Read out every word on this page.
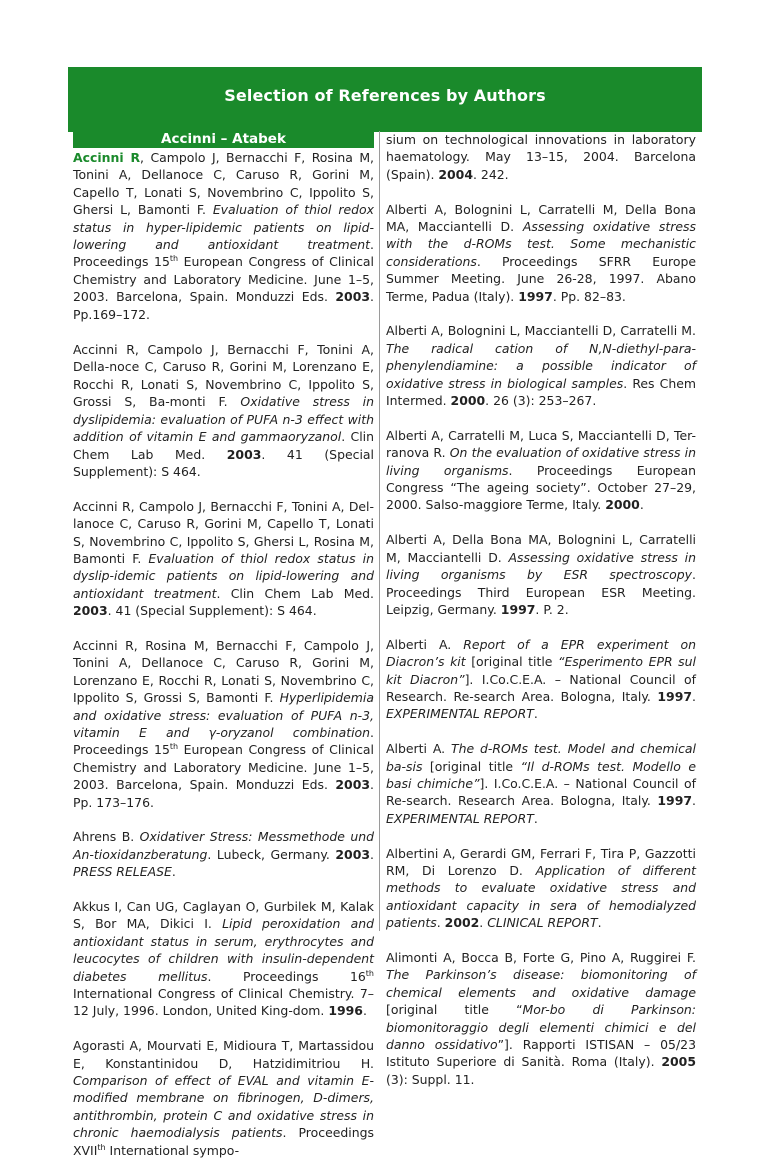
Selection of References by Authors
Accinni – Atabek
Accinni R, Campolo J, Bernacchi F, Rosina M, Tonini A, Dellanoce C, Caruso R, Gorini M, Capello T, Lonati S, Novembrino C, Ippolito S, Ghersi L, Bamonti F. Evaluation of thiol redox status in hyper-lipidemic patients on lipid-lowering and antioxidant treatment. Proceedings 15th European Congress of Clinical Chemistry and Laboratory Medicine. June 1–5, 2003. Barcelona, Spain. Monduzzi Eds. 2003. Pp.169–172.
Accinni R, Campolo J, Bernacchi F, Tonini A, Della-noce C, Caruso R, Gorini M, Lorenzano E, Rocchi R, Lonati S, Novembrino C, Ippolito S, Grossi S, Ba-monti F. Oxidative stress in dyslipidemia: evaluation of PUFA n-3 effect with addition of vitamin E and gammaoryzanol. Clin Chem Lab Med. 2003. 41 (Special Supplement): S 464.
Accinni R, Campolo J, Bernacchi F, Tonini A, Del-lanoce C, Caruso R, Gorini M, Capello T, Lonati S, Novembrino C, Ippolito S, Ghersi L, Rosina M, Bamonti F. Evaluation of thiol redox status in dyslip-idemic patients on lipid-lowering and antioxidant treatment. Clin Chem Lab Med. 2003. 41 (Special Supplement): S 464.
Accinni R, Rosina M, Bernacchi F, Campolo J, Tonini A, Dellanoce C, Caruso R, Gorini M, Lorenzano E, Rocchi R, Lonati S, Novembrino C, Ippolito S, Grossi S, Bamonti F. Hyperlipidemia and oxidative stress: evaluation of PUFA n-3, vitamin E and γ-oryzanol combination. Proceedings 15th European Congress of Clinical Chemistry and Laboratory Medicine. June 1–5, 2003. Barcelona, Spain. Monduzzi Eds. 2003. Pp. 173–176.
Ahrens B. Oxidativer Stress: Messmethode und An-tioxidanzberatung. Lubeck, Germany. 2003. PRESS RELEASE.
Akkus I, Can UG, Caglayan O, Gurbilek M, Kalak S, Bor MA, Dikici I. Lipid peroxidation and antioxidant status in serum, erythrocytes and leucocytes of children with insulin-dependent diabetes mellitus. Proceedings 16th International Congress of Clinical Chemistry. 7–12 July, 1996. London, United King-dom. 1996.
Agorasti A, Mourvati E, Midioura T, Martassidou E, Konstantinidou D, Hatzidimitriou H. Comparison of effect of EVAL and vitamin E-modified membrane on fibrinogen, D-dimers, antithrombin, protein C and oxidative stress in chronic haemodialysis patients. Proceedings XVIIth International sympo-
sium on technological innovations in laboratory haematology. May 13–15, 2004. Barcelona (Spain). 2004. 242.
Alberti A, Bolognini L, Carratelli M, Della Bona MA, Macciantelli D. Assessing oxidative stress with the d-ROMs test. Some mechanistic considerations. Proceedings SFRR Europe Summer Meeting. June 26-28, 1997. Abano Terme, Padua (Italy). 1997. Pp. 82–83.
Alberti A, Bolognini L, Macciantelli D, Carratelli M. The radical cation of N,N-diethyl-para-phenylendiamine: a possible indicator of oxidative stress in biological samples. Res Chem Intermed. 2000. 26 (3): 253–267.
Alberti A, Carratelli M, Luca S, Macciantelli D, Ter-ranova R. On the evaluation of oxidative stress in living organisms. Proceedings European Congress “The ageing society”. October 27–29, 2000. Salso-maggiore Terme, Italy. 2000.
Alberti A, Della Bona MA, Bolognini L, Carratelli M, Macciantelli D. Assessing oxidative stress in living organisms by ESR spectroscopy. Proceedings Third European ESR Meeting. Leipzig, Germany. 1997. P. 2.
Alberti A. Report of a EPR experiment on Diacron’s kit [original title “Esperimento EPR sul kit Diacron”]. I.Co.C.E.A. – National Council of Research. Re-search Area. Bologna, Italy. 1997. EXPERIMENTAL REPORT.
Alberti A. The d-ROMs test. Model and chemical ba-sis [original title “Il d-ROMs test. Modello e basi chimiche”]. I.Co.C.E.A. – National Council of Re-search. Research Area. Bologna, Italy. 1997. EXPERIMENTAL REPORT.
Albertini A, Gerardi GM, Ferrari F, Tira P, Gazzotti RM, Di Lorenzo D. Application of different methods to evaluate oxidative stress and antioxidant capacity in sera of hemodialyzed patients. 2002. CLINICAL REPORT.
Alimonti A, Bocca B, Forte G, Pino A, Ruggirei F. The Parkinson’s disease: biomonitoring of chemical elements and oxidative damage [original title “Mor-bo di Parkinson: biomonitoraggio degli elementi chimici e del danno ossidativo”]. Rapporti ISTISAN – 05/23 Istituto Superiore di Sanità. Roma (Italy). 2005 (3): Suppl. 11.
